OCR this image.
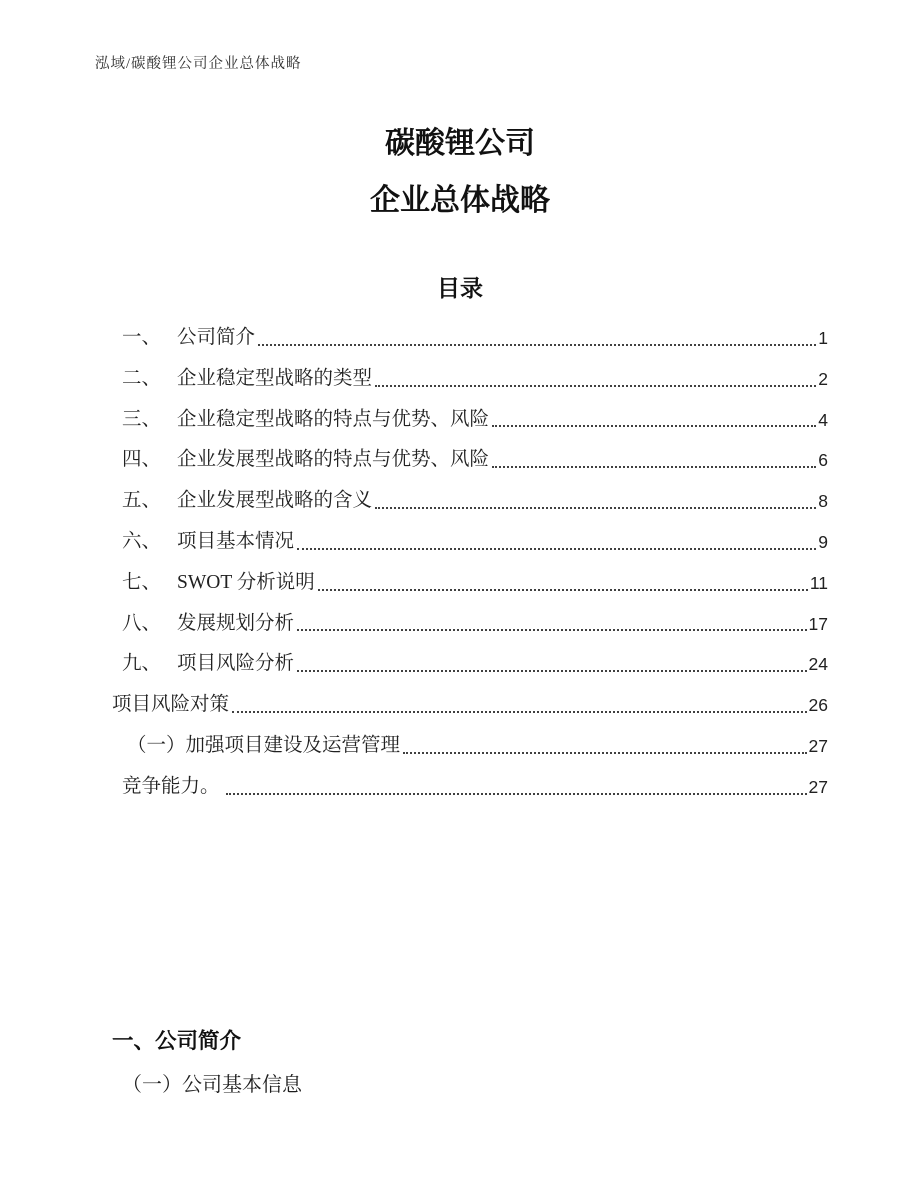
泓域/碳酸锂公司企业总体战略
碳酸锂公司
企业总体战略
目录
一、 公司简介	1
二、 企业稳定型战略的类型	2
三、 企业稳定型战略的特点与优势、风险	4
四、 企业发展型战略的特点与优势、风险	6
五、 企业发展型战略的含义	8
六、 项目基本情况	9
七、 SWOT 分析说明	11
八、 发展规划分析	17
九、 项目风险分析	24
项目风险对策	26
（一）加强项目建设及运营管理	27
竞争能力。	27
一、公司简介
（一）公司基本信息
